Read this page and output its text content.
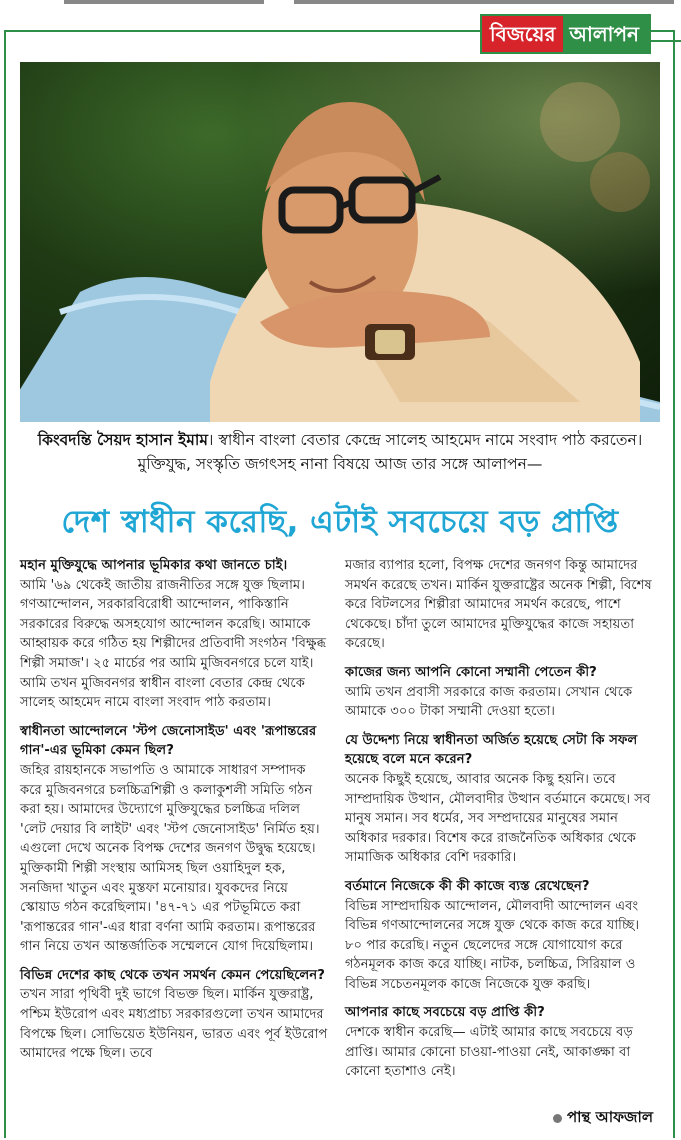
বিজয়ের আলাপন
কিংবদন্তি সৈয়দ হাসান ইমাম। স্বাধীন বাংলা বেতার কেন্দ্রে সালেহ আহমেদ নামে সংবাদ পাঠ করতেন। মুক্তিযুদ্ধ, সংস্কৃতি জগৎসহ নানা বিষয়ে আজ তার সঙ্গে আলাপন—
দেশ স্বাধীন করেছি, এটাই সবচেয়ে বড় প্রাপ্তি
মহান মুক্তিযুদ্ধে আপনার ভূমিকার কথা জানতে চাই।

আমি '৬৯ থেকেই জাতীয় রাজনীতির সঙ্গে যুক্ত ছিলাম। গণআন্দোলন, সরকারবিরোধী আন্দোলন, পাকিস্তানি সরকারের বিরুদ্ধে অসহযোগ আন্দোলন করেছি। আমাকে আহ্বায়ক করে গঠিত হয় শিল্পীদের প্রতিবাদী সংগঠন 'বিক্ষুব্ধ শিল্পী সমাজ'। ২৫ মার্চের পর আমি মুজিবনগরে চলে যাই। আমি তখন মুজিবনগর স্বাধীন বাংলা বেতার কেন্দ্র থেকে সালেহ আহমেদ নামে বাংলা সংবাদ পাঠ করতাম।

স্বাধীনতা আন্দোলনে 'স্টপ জেনোসাইড' এবং 'রূপান্তরের গান'-এর ভূমিকা কেমন ছিল?

জহির রায়হানকে সভাপতি ও আমাকে সাধারণ সম্পাদক করে মুজিবনগরে চলচ্চিত্রশিল্পী ও কলাকুশলী সমিতি গঠন করা হয়। আমাদের উদ্যোগে মুক্তিযুদ্ধের চলচ্চিত্র দলিল 'লেট দেয়ার বি লাইট' এবং 'স্টপ জেনোসাইড' নির্মিত হয়। এগুলো দেখে অনেক বিপক্ষ দেশের জনগণ উদ্বুদ্ধ হয়েছে। মুক্তিকামী শিল্পী সংস্থায় আমিসহ ছিল ওয়াহিদুল হক, সনজিদা খাতুন এবং মুস্তফা মনোয়ার। যুবকদের নিয়ে স্কোয়াড গঠন করেছিলাম। '৪৭-৭১ এর পটভূমিতে করা 'রূপান্তরের গান'-এর ধারা বর্ণনা আমি করতাম। রূপান্তরের গান নিয়ে তখন আন্তর্জাতিক সম্মেলনে যোগ দিয়েছিলাম।

বিভিন্ন দেশের কাছ থেকে তখন সমর্থন কেমন পেয়েছিলেন?

তখন সারা পৃথিবী দুই ভাগে বিভক্ত ছিল। মার্কিন যুক্তরাষ্ট্র, পশ্চিম ইউরোপ এবং মধ্যপ্রাচ্য সরকারগুলো তখন আমাদের বিপক্ষে ছিল। সোভিয়েত ইউনিয়ন, ভারত এবং পূর্ব ইউরোপ আমাদের পক্ষে ছিল। তবে

মজার ব্যাপার হলো, বিপক্ষ দেশের জনগণ কিন্তু আমাদের সমর্থন করেছে তখন। মার্কিন যুক্তরাষ্ট্রের অনেক শিল্পী, বিশেষ করে বিটলসের শিল্পীরা আমাদের সমর্থন করেছে, পাশে থেকেছে। চাঁদা তুলে আমাদের মুক্তিযুদ্ধের কাজে সহায়তা করেছে।

কাজের জন্য আপনি কোনো সম্মানী পেতেন কী?

আমি তখন প্রবাসী সরকারে কাজ করতাম। সেখান থেকে আমাকে ৩০০ টাকা সম্মানী দেওয়া হতো।

যে উদ্দেশ্য নিয়ে স্বাধীনতা অর্জিত হয়েছে সেটা কি সফল হয়েছে বলে মনে করেন?

অনেক কিছুই হয়েছে, আবার অনেক কিছু হয়নি। তবে সাম্প্রদায়িক উত্থান, মৌলবাদীর উত্থান বর্তমানে কমেছে। সব মানুষ সমান। সব ধর্মের, সব সম্প্রদায়ের মানুষের সমান অধিকার দরকার। বিশেষ করে রাজনৈতিক অধিকার থেকে সামাজিক অধিকার বেশি দরকারি।

বর্তমানে নিজেকে কী কী কাজে ব্যস্ত রেখেছেন?

বিভিন্ন সাম্প্রদায়িক আন্দোলন, মৌলবাদী আন্দোলন এবং বিভিন্ন গণআন্দোলনের সঙ্গে যুক্ত থেকে কাজ করে যাচ্ছি। ৮০ পার করেছি। নতুন ছেলেদের সঙ্গে যোগাযোগ করে গঠনমূলক কাজ করে যাচ্ছি। নাটক, চলচ্চিত্র, সিরিয়াল ও বিভিন্ন সচেতনমূলক কাজে নিজেকে যুক্ত করছি।

আপনার কাছে সবচেয়ে বড় প্রাপ্তি কী?

দেশকে স্বাধীন করেছি— এটাই আমার কাছে সবচেয়ে বড় প্রাপ্তি। আমার কোনো চাওয়া-পাওয়া নেই, আকাঙ্ক্ষা বা কোনো হতাশাও নেই।

পান্থ আফজাল
